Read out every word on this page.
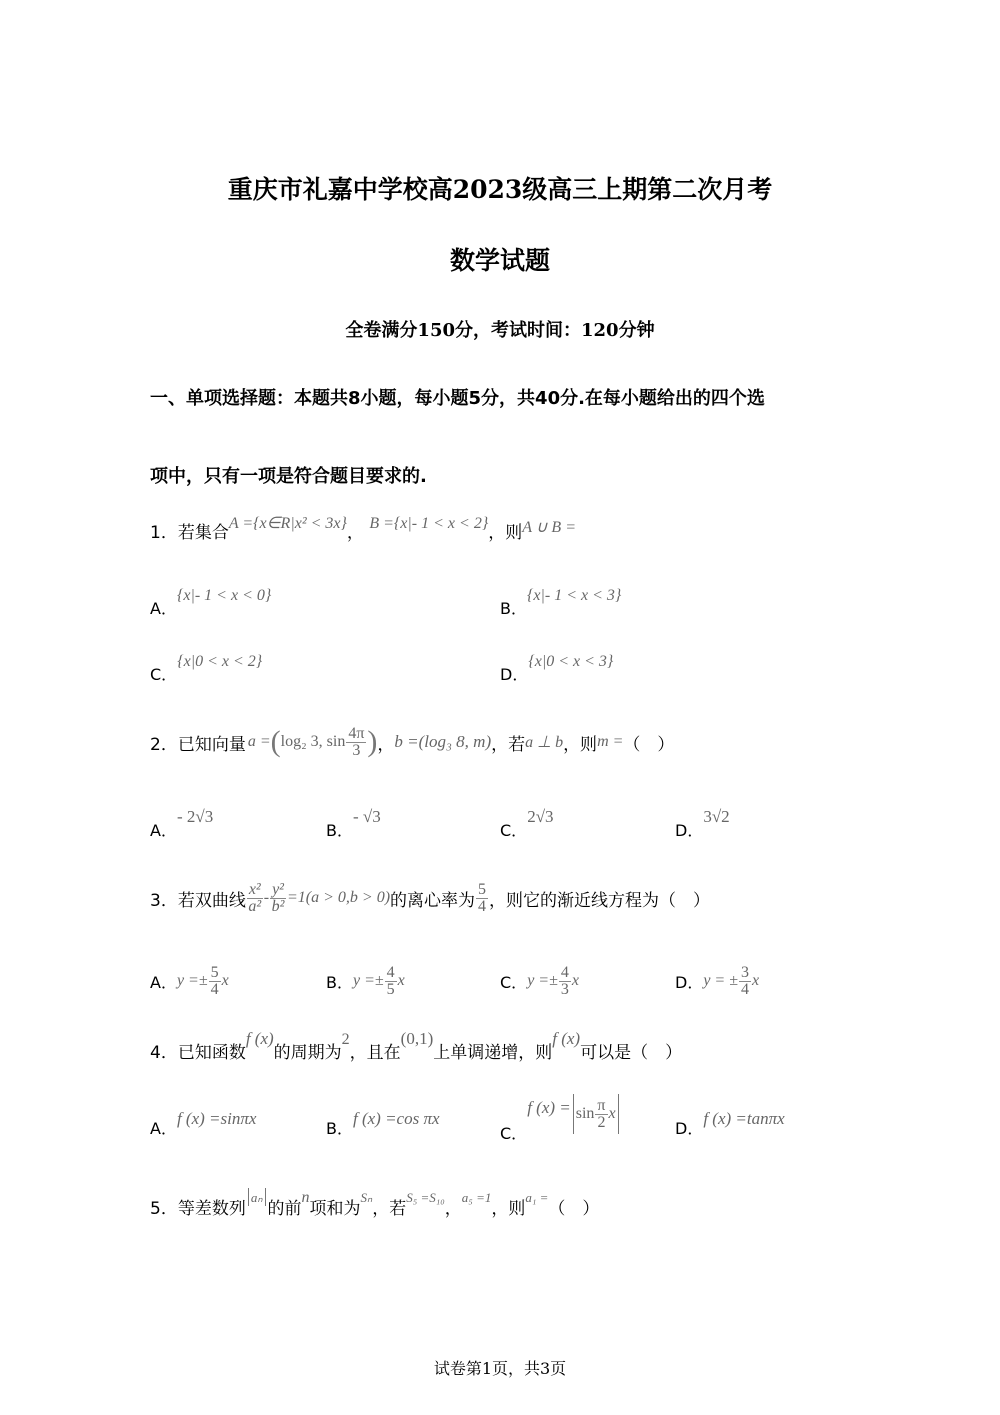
重庆市礼嘉中学校高2023级高三上期第二次月考
数学试题
全卷满分150分，考试时间：120分钟
一、单项选择题：本题共8小题，每小题5分，共40分.在每小题给出的四个选
项中，只有一项是符合题目要求的.
1．若集合A ={x∈R|x² < 3x}， B ={x|- 1 < x < 2}，则A ∪ B =
A．{x|- 1 < x < 0}
B．{x|- 1 < x < 3}
C．{x|0 < x < 2}
D．{x|0 < x < 3}
2．已知向量 a = ( log₂ 3, $\sin \frac{4\pi}{3}$ ) ， b =(log₃ 8, m) ，若 a ⊥ b ，则 m = （　）
A．- 2√3
B．- √3
C．2√3
D．3√2
3．若双曲线 $\frac{\text{x²}}{\text{a²}} - \frac{\text{y²}}{\text{b²}} =1(a > 0,b > 0)$ 的离心率为 $\frac{5}{4}$ ，则它的渐近线方程为（　）
A． $y =\pm \frac{5}{4}$ x	B． $y =\pm \frac{4}{5}$ x	C． $y =\pm \frac{4}{3}$ x	D． y = ± $\frac{3}{4}$ x
4．已知函数f (x)的周期为2，且在(0,1)上单调递增，则f (x)可以是（　）
A．f (x) =sinπx
B．f (x) =cos πx
C．
f $(x) = \sin \frac{\pi}{2}$ x
D．f (x) =tanπx
5．等差数列aₙ的前n项和为Sₙ，若S₅ =S₁₀，a₅ =1，则a₁ =（　）
试卷第1页，共3页
